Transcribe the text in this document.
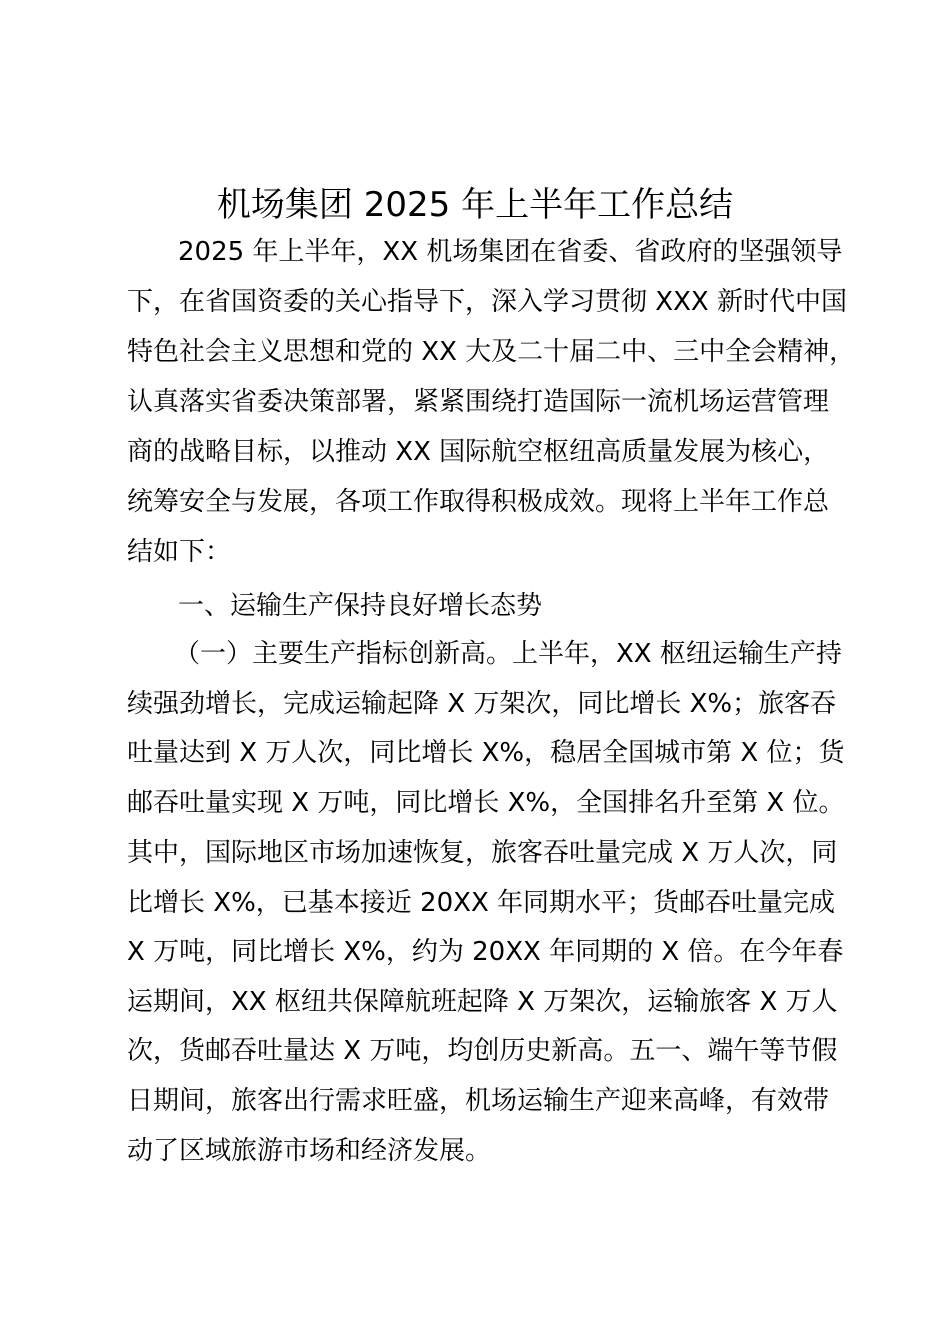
机场集团 2025 年上半年工作总结
2025 年上半年，XX 机场集团在省委、省政府的坚强领导
下，在省国资委的关心指导下，深入学习贯彻 XXX 新时代中国
特色社会主义思想和党的 XX 大及二十届二中、三中全会精神，
认真落实省委决策部署，紧紧围绕打造国际一流机场运营管理
商的战略目标，以推动 XX 国际航空枢纽高质量发展为核心，
统筹安全与发展，各项工作取得积极成效。现将上半年工作总
结如下：
一、运输生产保持良好增长态势
（一）主要生产指标创新高。上半年，XX 枢纽运输生产持
续强劲增长，完成运输起降 X 万架次，同比增长 X%；旅客吞
吐量达到 X 万人次，同比增长 X%，稳居全国城市第 X 位；货
邮吞吐量实现 X 万吨，同比增长 X%，全国排名升至第 X 位。
其中，国际地区市场加速恢复，旅客吞吐量完成 X 万人次，同
比增长 X%，已基本接近 20XX 年同期水平；货邮吞吐量完成
X 万吨，同比增长 X%，约为 20XX 年同期的 X 倍。在今年春
运期间，XX 枢纽共保障航班起降 X 万架次，运输旅客 X 万人
次，货邮吞吐量达 X 万吨，均创历史新高。五一、端午等节假
日期间，旅客出行需求旺盛，机场运输生产迎来高峰，有效带
动了区域旅游市场和经济发展。
